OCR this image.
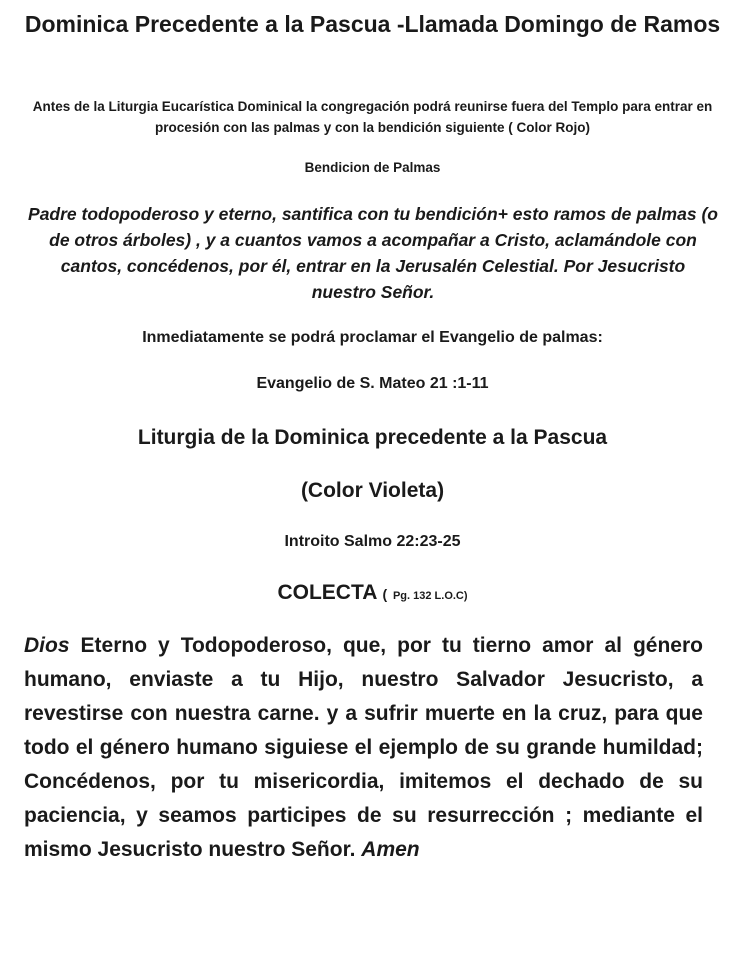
Dominica Precedente a la Pascua -Llamada Domingo de Ramos
Antes de la Liturgia Eucarística Dominical la congregación podrá reunirse fuera del Templo para entrar en procesión con las palmas y con la bendición siguiente ( Color Rojo)
Bendicion de Palmas
Padre todopoderoso y eterno, santifica con tu bendición+ esto ramos de palmas (o de otros árboles) , y a cuantos vamos a acompañar a Cristo, aclamándole con cantos, concédenos, por él, entrar en la Jerusalén Celestial. Por Jesucristo nuestro Señor.
Inmediatamente se podrá proclamar el Evangelio de palmas:
Evangelio de S. Mateo 21 :1-11
Liturgia de la Dominica precedente a la Pascua
(Color Violeta)
Introito Salmo 22:23-25
COLECTA ( Pg. 132 L.O.C)
Dios Eterno y Todopoderoso, que, por tu tierno amor al género humano, enviaste a tu Hijo, nuestro Salvador Jesucristo, a revestirse con nuestra carne. y a sufrir muerte en la cruz, para que todo el género humano siguiese el ejemplo de su grande humildad; Concédenos, por tu misericordia, imitemos el dechado de su paciencia, y seamos participes de su resurrección ; mediante el mismo Jesucristo nuestro Señor. Amen
